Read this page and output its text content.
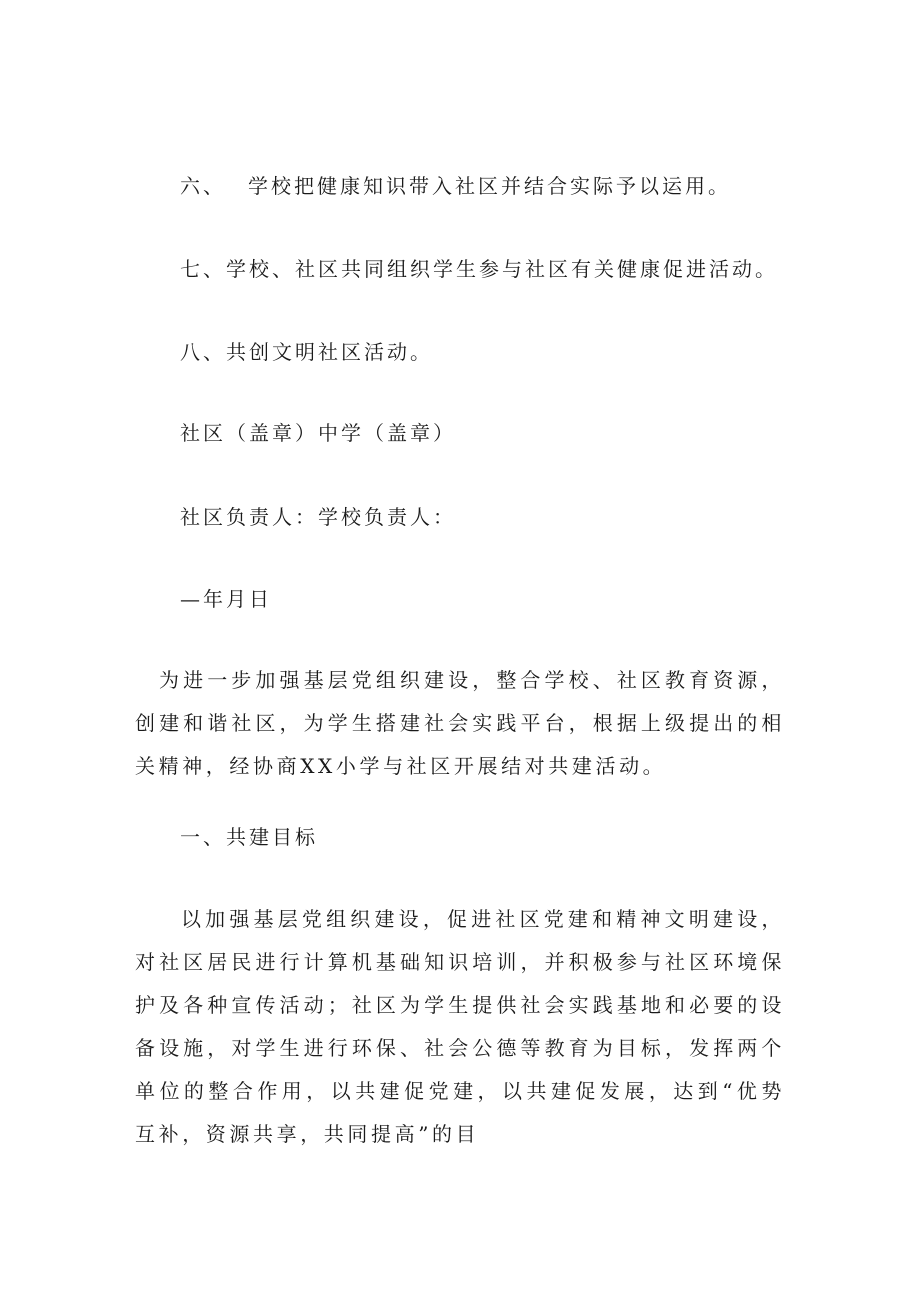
六、 学校把健康知识带入社区并结合实际予以运用。
七、学校、社区共同组织学生参与社区有关健康促进活动。
八、共创文明社区活动。
社区（盖章）中学（盖章）
社区负责人：学校负责人：
—年月日
为进一步加强基层党组织建设，整合学校、社区教育资源，创建和谐社区，为学生搭建社会实践平台，根据上级提出的相关精神，经协商XX小学与社区开展结对共建活动。
一、共建目标
以加强基层党组织建设，促进社区党建和精神文明建设，对社区居民进行计算机基础知识培训，并积极参与社区环境保护及各种宣传活动；社区为学生提供社会实践基地和必要的设备设施，对学生进行环保、社会公德等教育为目标，发挥两个单位的整合作用，以共建促党建，以共建促发展，达到“优势互补，资源共享，共同提高”的目
